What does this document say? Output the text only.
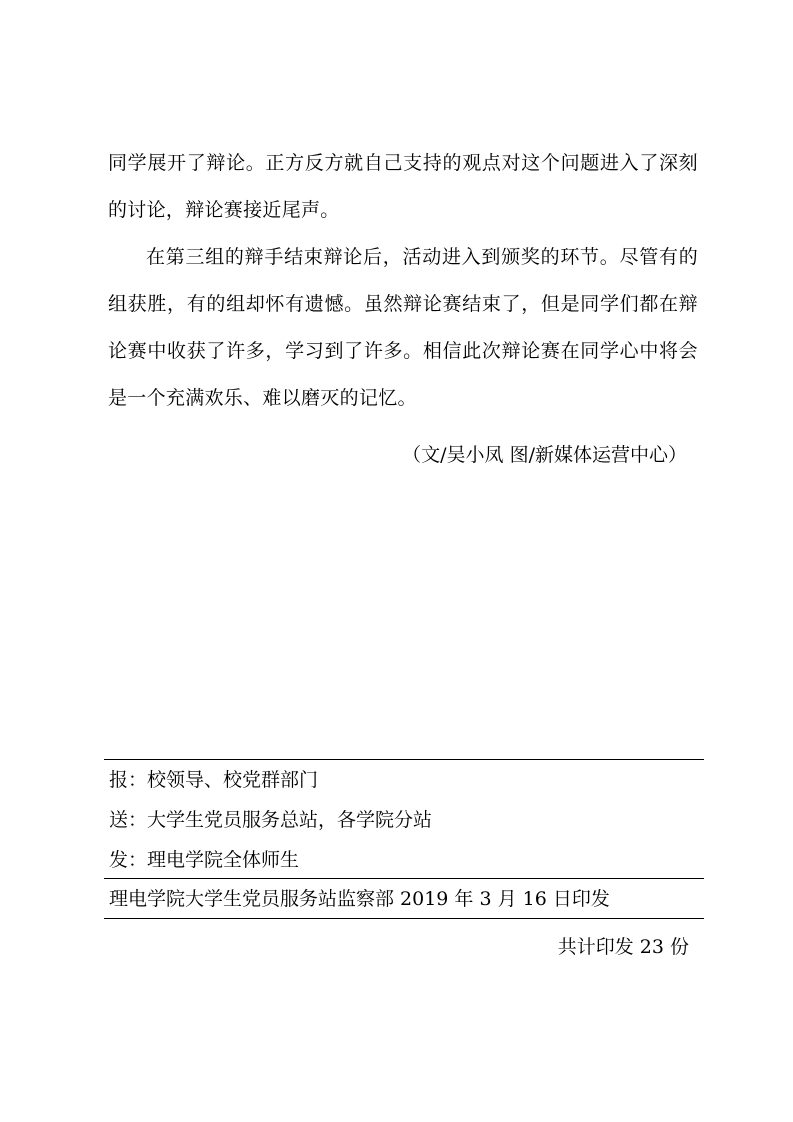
同学展开了辩论。正方反方就自己支持的观点对这个问题进入了深刻的讨论，辩论赛接近尾声。

在第三组的辩手结束辩论后，活动进入到颁奖的环节。尽管有的组获胜，有的组却怀有遗憾。虽然辩论赛结束了，但是同学们都在辩论赛中收获了许多，学习到了许多。相信此次辩论赛在同学心中将会是一个充满欢乐、难以磨灭的记忆。

（文/吴小凤 图/新媒体运营中心）
报：校领导、校党群部门
送：大学生党员服务总站，各学院分站
发：理电学院全体师生
理电学院大学生党员服务站监察部 2019 年 3 月 16 日印发
共计印发 23 份
